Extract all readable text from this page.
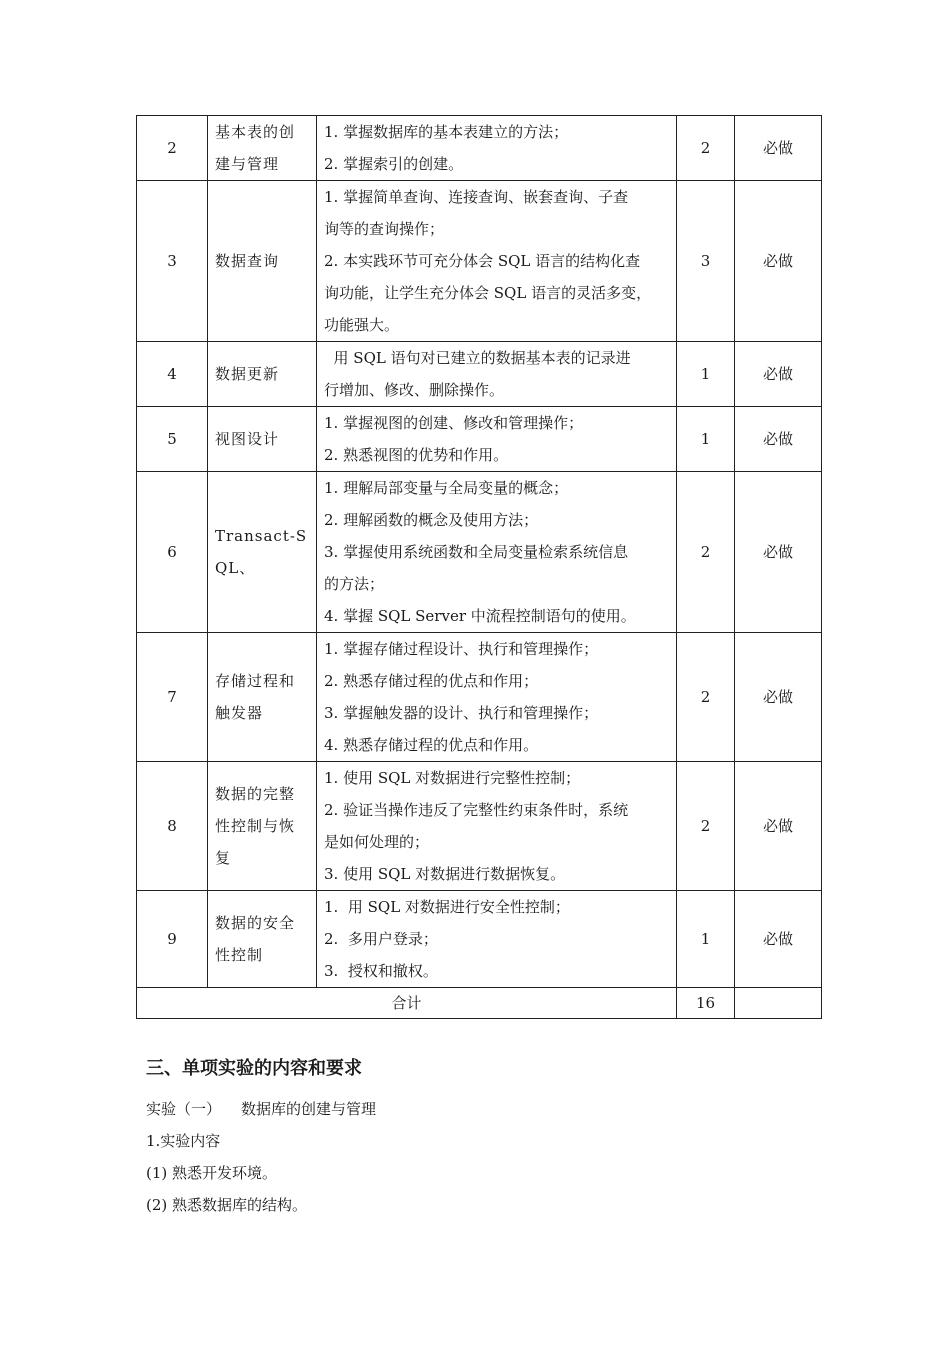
2	基本表的创
建与管理	1. 掌握数据库的基本表建立的方法；
2. 掌握索引的创建。	2	必做
3	数据查询	1. 掌握简单查询、连接查询、嵌套查询、子查
询等的查询操作；
2. 本实践环节可充分体会 SQL 语言的结构化查
询功能，让学生充分体会 SQL 语言的灵活多变，
功能强大。	3	必做
4	数据更新	用 SQL 语句对已建立的数据基本表的记录进
行增加、修改、删除操作。	1	必做
5	视图设计	1. 掌握视图的创建、修改和管理操作；
2. 熟悉视图的优势和作用。	1	必做
6	Transact-S
QL、	1. 理解局部变量与全局变量的概念；
2. 理解函数的概念及使用方法；
3. 掌握使用系统函数和全局变量检索系统信息
的方法；
4. 掌握 SQL Server 中流程控制语句的使用。	2	必做
7	存储过程和
触发器	1. 掌握存储过程设计、执行和管理操作；
2. 熟悉存储过程的优点和作用；
3. 掌握触发器的设计、执行和管理操作；
4. 熟悉存储过程的优点和作用。	2	必做
8	数据的完整
性控制与恢
复	1. 使用 SQL 对数据进行完整性控制；
2. 验证当操作违反了完整性约束条件时，系统
是如何处理的；
3. 使用 SQL 对数据进行数据恢复。	2	必做
9	数据的安全
性控制	1.  用 SQL 对数据进行安全性控制；
2.  多用户登录；
3.  授权和撤权。	1	必做
合计			16	
三、单项实验的内容和要求

实验（一） 数据库的创建与管理

1.实验内容

(1) 熟悉开发环境。

(2) 熟悉数据库的结构。
